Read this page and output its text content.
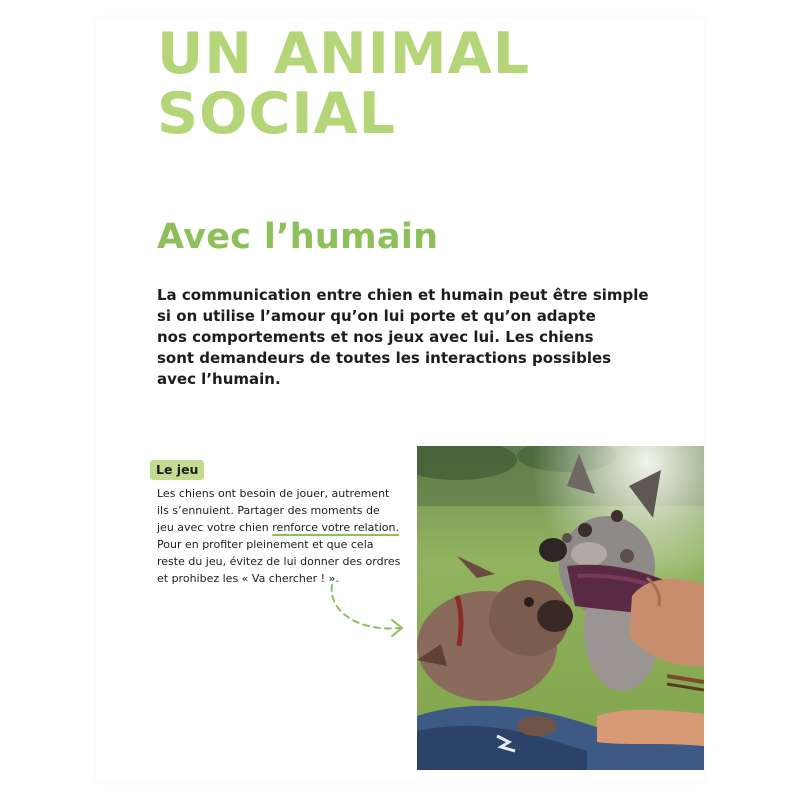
UN ANIMAL
SOCIAL
Avec l’humain
La communication entre chien et humain peut être simple
si on utilise l’amour qu’on lui porte et qu’on adapte
nos comportements et nos jeux avec lui. Les chiens
sont demandeurs de toutes les interactions possibles
avec l’humain.
Le jeu
Les chiens ont besoin de jouer, autrement
ils s’ennuient. Partager des moments de
jeu avec votre chien renforce votre relation.
Pour en profiter pleinement et que cela
reste du jeu, évitez de lui donner des ordres
et prohibez les « Va chercher ! ».
